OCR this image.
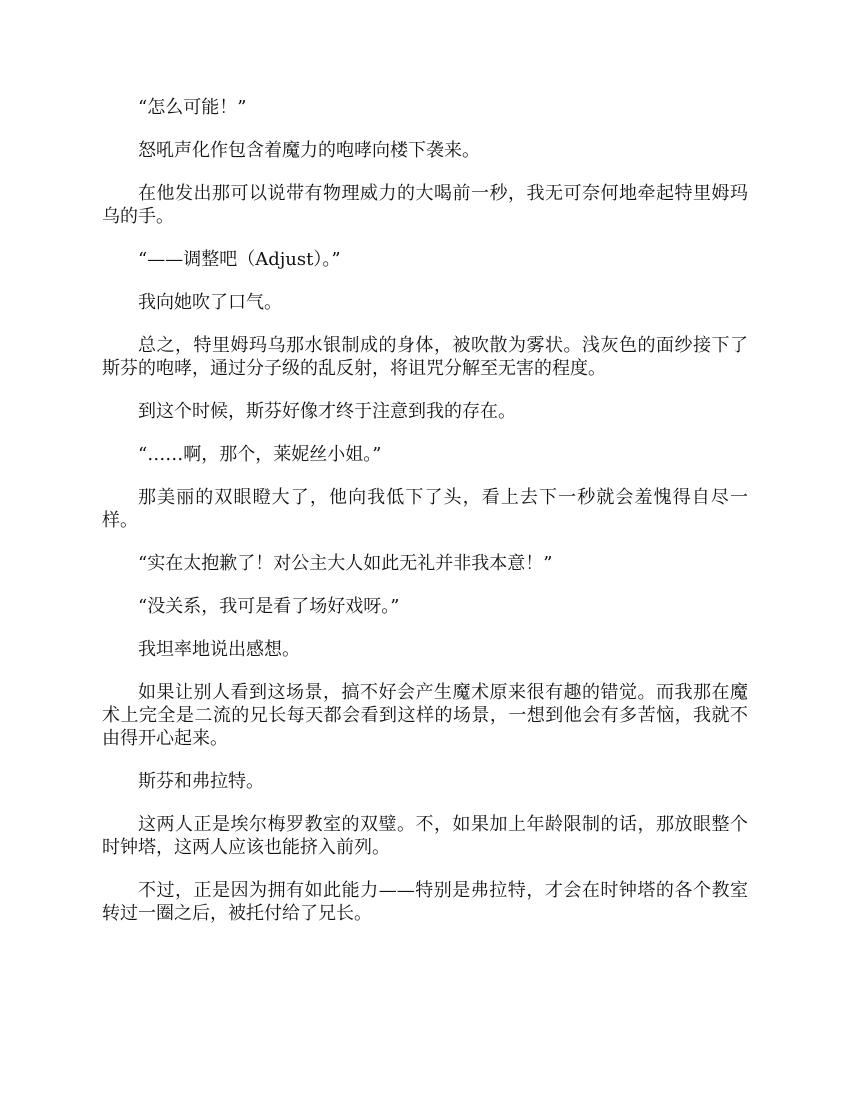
“怎么可能！”

怒吼声化作包含着魔力的咆哮向楼下袭来。

在他发出那可以说带有物理威力的大喝前一秒，我无可奈何地牵起特里姆玛乌的手。

“——调整吧（Adjust）。”

我向她吹了口气。

总之，特里姆玛乌那水银制成的身体，被吹散为雾状。浅灰色的面纱接下了斯芬的咆哮，通过分子级的乱反射，将诅咒分解至无害的程度。

到这个时候，斯芬好像才终于注意到我的存在。

“……啊，那个，莱妮丝小姐。”

那美丽的双眼瞪大了，他向我低下了头，看上去下一秒就会羞愧得自尽一样。

“实在太抱歉了！对公主大人如此无礼并非我本意！”

“没关系，我可是看了场好戏呀。”

我坦率地说出感想。

如果让别人看到这场景，搞不好会产生魔术原来很有趣的错觉。而我那在魔术上完全是二流的兄长每天都会看到这样的场景，一想到他会有多苦恼，我就不由得开心起来。

斯芬和弗拉特。

这两人正是埃尔梅罗教室的双璧。不，如果加上年龄限制的话，那放眼整个时钟塔，这两人应该也能挤入前列。

不过，正是因为拥有如此能力——特别是弗拉特，才会在时钟塔的各个教室转过一圈之后，被托付给了兄长。
